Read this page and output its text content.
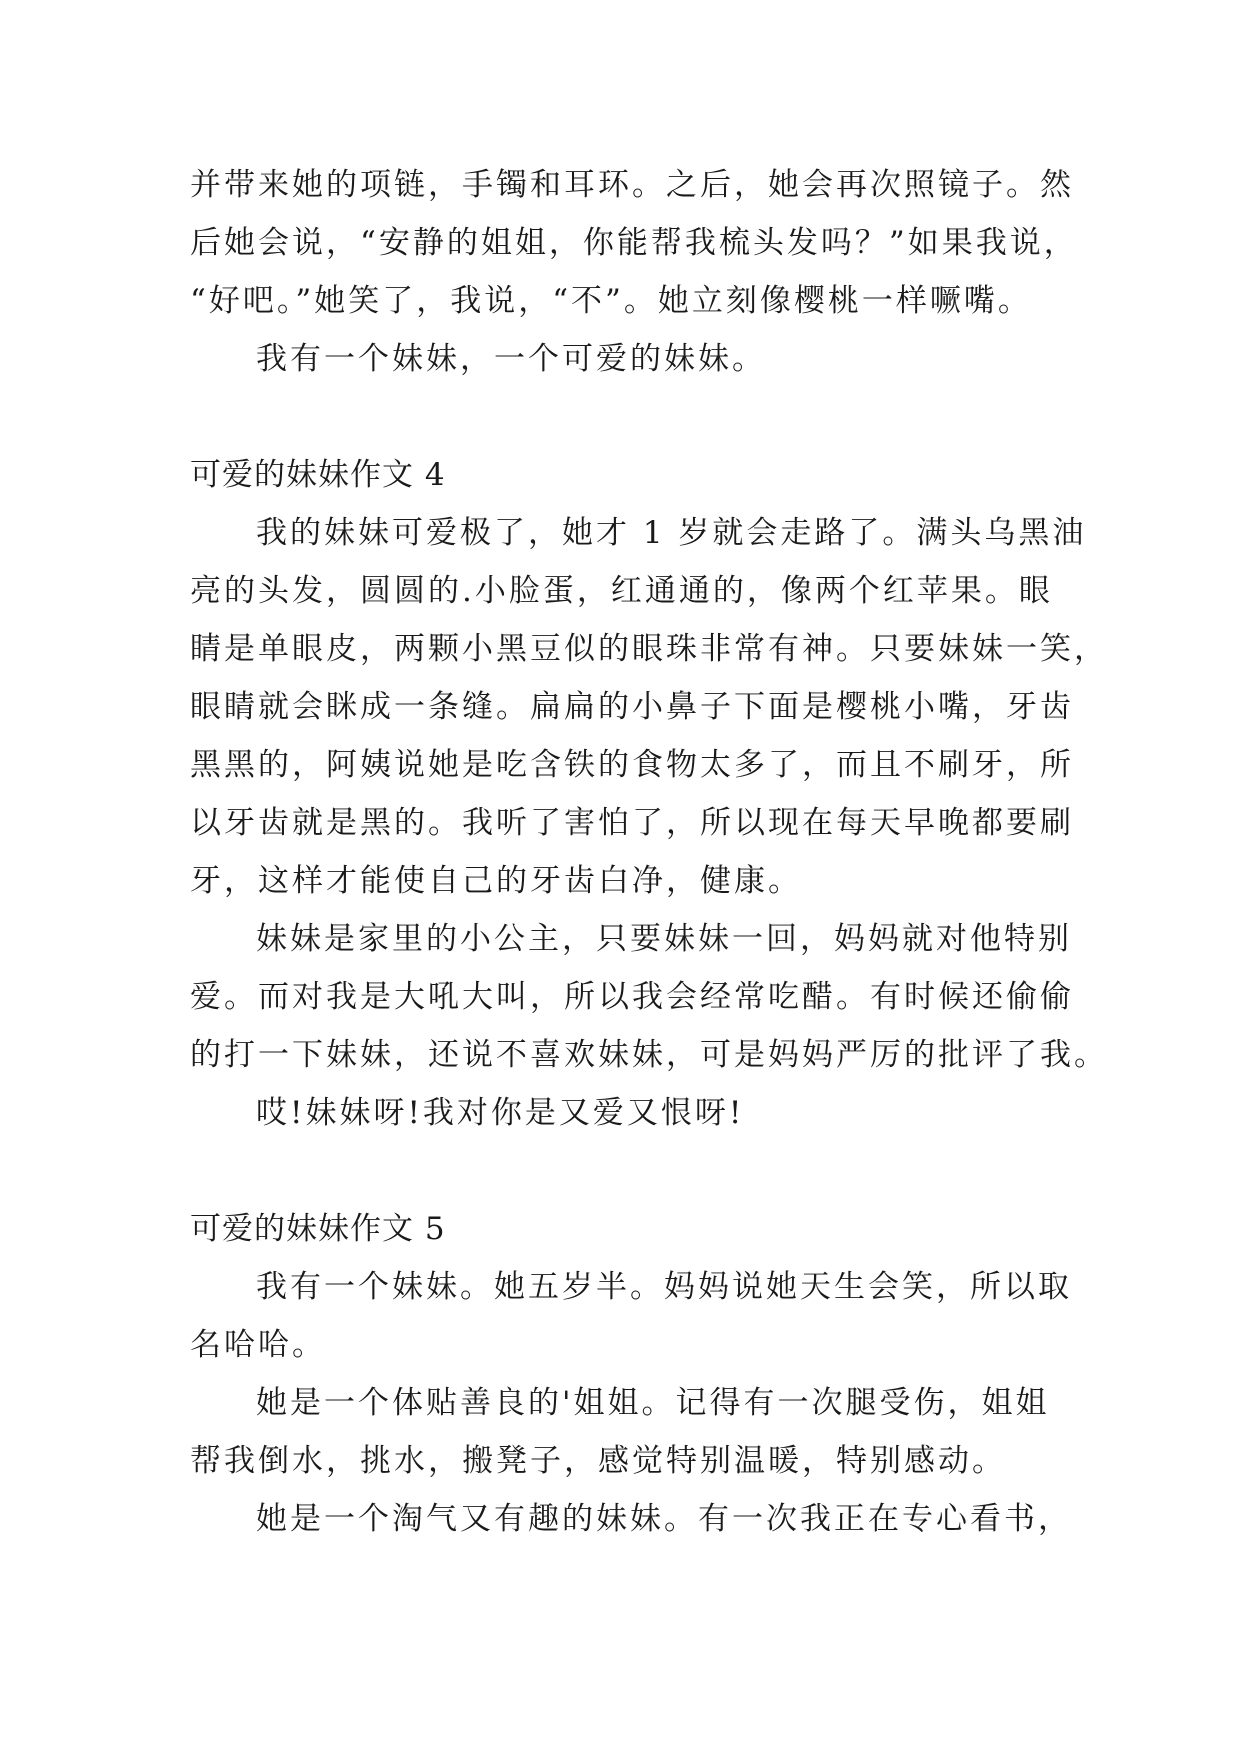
并带来她的项链，手镯和耳环。之后，她会再次照镜子。然
后她会说，“安静的姐姐，你能帮我梳头发吗？”如果我说，
“好吧。”她笑了，我说，“不”。她立刻像樱桃一样噘嘴。
我有一个妹妹，一个可爱的妹妹。
可爱的妹妹作文 4
我的妹妹可爱极了，她才 1 岁就会走路了。满头乌黑油
亮的头发，圆圆的.小脸蛋，红通通的，像两个红苹果。眼
睛是单眼皮，两颗小黑豆似的眼珠非常有神。只要妹妹一笑，
眼睛就会眯成一条缝。扁扁的小鼻子下面是樱桃小嘴，牙齿
黑黑的，阿姨说她是吃含铁的食物太多了，而且不刷牙，所
以牙齿就是黑的。我听了害怕了，所以现在每天早晚都要刷
牙，这样才能使自己的牙齿白净，健康。
妹妹是家里的小公主，只要妹妹一回，妈妈就对他特别
爱。而对我是大吼大叫，所以我会经常吃醋。有时候还偷偷
的打一下妹妹，还说不喜欢妹妹，可是妈妈严厉的批评了我。
哎!妹妹呀!我对你是又爱又恨呀!
可爱的妹妹作文 5
我有一个妹妹。她五岁半。妈妈说她天生会笑，所以取
名哈哈。
她是一个体贴善良的'姐姐。记得有一次腿受伤，姐姐
帮我倒水，挑水，搬凳子，感觉特别温暖，特别感动。
她是一个淘气又有趣的妹妹。有一次我正在专心看书，
